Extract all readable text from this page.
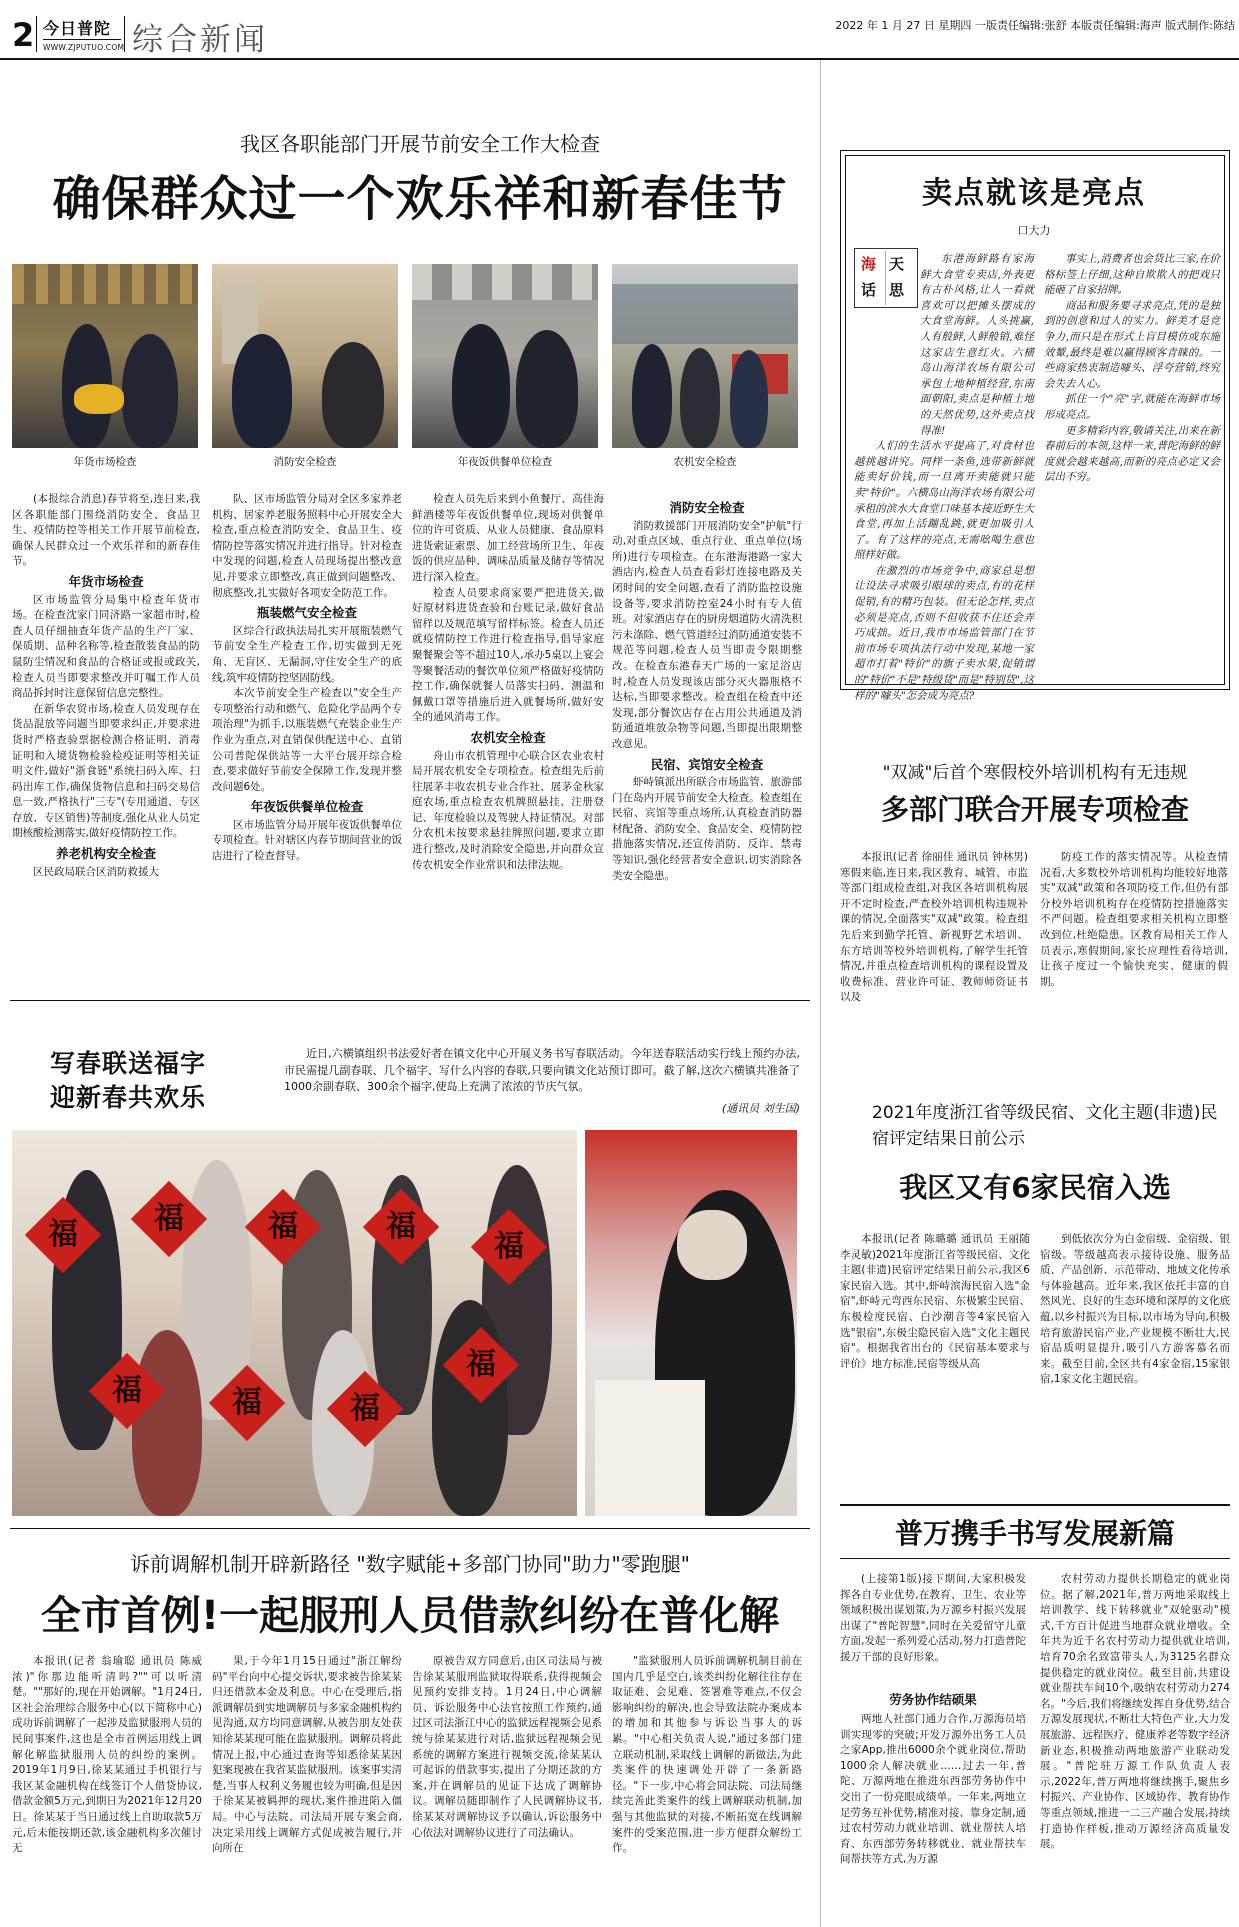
2 今日普陀
WWW.ZJPUTUO.COM 综合新闻	2022 年 1 月 27 日 星期四 一版责任编辑:张舒 本版责任编辑:海声 版式制作:陈结
我区各职能部门开展节前安全工作大检查
确保群众过一个欢乐祥和新春佳节
年货市场检查	消防安全检查	年夜饭供餐单位检查	农机安全检查

(本报综合消息)春节将至,连日来,我区各职能部门围绕消防安全、食品卫生、疫情防控等相关工作开展节前检查,确保人民群众过一个欢乐祥和的新春佳节。

年货市场检查

区市场监管分局集中检查年货市场。在检查沈家门同济路一家超市时,检查人员仔细抽查年货产品的生产厂家、保质期、品种名称等,检查散装食品的防鼠防尘情况和食品的合格证或报或政关,检查人员当即要求整改并叮嘱工作人员商品拆封时注意保留信息完整性。

在新华农贸市场,检查人员发现存在货品混放等问题当即要求纠正,并要求进货时严格查验票据检测合格证明、消毒证明和入境货物检验检疫证明等相关证明文件,做好"浙食链"系统扫码入库、扫码出库工作,确保货物信息和扫码交易信息一致,严格执行"三专"(专用通道、专区存放、专区销售)等制度,强化从业人员定期核酸检测落实,做好疫情防控工作。

养老机构安全检查

区民政局联合区消防救援大

队、区市场监管分局对全区多家养老机构、居家养老服务照料中心开展安全大检查,重点检查消防安全、食品卫生、疫情防控等落实情况并进行指导。针对检查中发现的问题,检查人员现场提出整改意见,并要求立即整改,真正做到问题整改、彻底整改,扎实做好各项安全防范工作。

瓶装燃气安全检查

区综合行政执法局扎实开展瓶装燃气节前安全生产检查工作,切实做到无死角、无盲区、无漏洞,守住安全生产的底线,筑牢疫情防控坚固防线。

本次节前安全生产检查以"安全生产专项整治行动和燃气、危险化学品两个专项治理"为抓手,以瓶装燃气充装企业生产作业为重点,对直销保供配送中心、直销公司普陀保供站等一大平台展开综合检查,要求做好节前安全保障工作,发现并整改问题6处。

年夜饭供餐单位检查

区市场监管分局开展年夜饭供餐单位专项检查。针对辖区内春节期间营业的饭店进行了检查督导。

检查人员先后来到小鱼餐厅、高佳海鲜酒楼等年夜饭供餐单位,现场对供餐单位的许可资质、从业人员健康、食品原料进货索证索票、加工经营场所卫生、年夜饭的供应品种、调味品质量及储存等情况进行深入检查。

检查人员要求商家要严把进货关,做好原材料进货查验和台账记录,做好食品留样以及规范填写留样标签。检查人员还就疫情防控工作进行检查指导,倡导家庭聚餐聚会等不超过10人,承办5桌以上宴会等聚餐活动的餐饮单位须严格做好疫情防控工作,确保就餐人员落实扫码、测温和佩戴口罩等措施后进入就餐场所,做好安全的通风消毒工作。

农机安全检查

舟山市农机管理中心联合区农业农村局开展农机安全专项检查。检查组先后前往展茅丰收农机专业合作社、展茅金秋家庭农场,重点检查农机牌照悬挂、注册登记、年度检验以及驾驶人持证情况。对部分农机未按要求悬挂牌照问题,要求立即进行整改,及时消除安全隐患,并向群众宣传农机安全作业常识和法律法规。

消防安全检查

消防救援部门开展消防安全"护航"行动,对重点区域、重点行业、重点单位(场所)进行专项检查。在东港海港路一家大酒店内,检查人员查看彩灯连接电路及关闭时间的安全问题,查看了消防监控设施设备等,要求消防控室24小时有专人值班。对家酒店存在的厨房烟道防火清洗积污未涤除、燃气管道经过消防通道安装不规范等问题,检查人员当即责令限期整改。在检查东港春天广场的一家足浴店时,检查人员发现该店部分灭火器瓶格不达标,当即要求整改。检查组在检查中还发现,部分餐饮店存在占用公共通道及消防通道堆放杂物等问题,当即提出限期整改意见。

民宿、宾馆安全检查

虾峙镇派出所联合市场监管、旅游部门在岛内开展节前安全大检查。检查组在民宿、宾馆等重点场所,认真检查消防器材配备、消防安全、食品安全、疫情防控措施落实情况,还宣传消防、反诈、禁毒等知识,强化经营者安全意识,切实消除各类安全隐患。

卖点就该是亮点
口大力
海 天
话 思

东港海鲜路有家海鲜大食堂专卖店,外表更有古朴风格,让人一看就喜欢可以把摊头摆成的大食堂海鲜。人头挑赢,人有般鲜,人鲜般销,难怪这家店生意红火。六横岛山海洋农场有限公司承包土地种植经营,东南面朝阳,卖点是种植土地的天然优势,这外卖点找得准!

人们的生活水平提高了,对食材也越挑越讲究。同样一条鱼,选带新鲜就能卖好价钱,而一旦离开卖能就只能卖"特价"。六横岛山海洋农场有限公司承租的滨水大食堂口味基本接近野生大食堂,再加上活蹦乱跳,就更加吸引人了。有了这样的亮点,无需吆喝生意也照样好做。

在激烈的市场竞争中,商家总是想让设法寻求吸引眼球的卖点,有的花样促销,有的精巧包装。但无论怎样,卖点必须是亮点,否则不但收获不住还会弄巧成拙。近日,我市市场监管部门在节前市场专项执法行动中发现,某地一家超市打着"特价"的旗子卖水果,促销谓的"特价"不是"特级货"而是"特别货",这样的"噱头"怎会成为亮点?

事实上,消费者也会货比三家,在价格标签上仔细,这种自欺欺人的把戏只能砸了自家招牌。

商品和服务要寻求亮点,凭的是独到的创意和过人的实力。鲜美才是竞争力,而只是在形式上盲目模仿或东施效颦,最终是难以赢得顾客青睐的。一些商家热衷制造噱头、浮夸营销,终究会失去人心。

抓住一个"亮"字,就能在海鲜市场形成亮点。

更多精彩内容,敬请关注,出来在新春前后的本领,这样一来,普陀海鲜的鲜度就会越来越高,而新的亮点必定又会层出不穷。

"双减"后首个寒假校外培训机构有无违规
多部门联合开展专项检查
本报讯(记者 徐丽佳 通讯员 钟林男)寒假来临,连日来,我区教育、城管、市监等部门组成检查组,对我区各培训机构展开不定时检查,严查校外培训机构违规补课的情况,全面落实"双减"政策。检查组先后来到勤学托管、新视野艺术培训、东方培训等校外培训机构,了解学生托管情况,并重点检查培训机构的课程设置及收费标准、营业许可证、教师师资证书以及
防疫工作的落实情况等。从检查情况看,大多数校外培训机构均能较好地落实"双减"政策和各项防疫工作,但仍有部分校外培训机构存在疫情防控措施落实不严问题。检查组要求相关机构立即整改到位,杜绝隐患。区教育局相关工作人员表示,寒假期间,家长应理性看待培训,让孩子度过一个愉快充实、健康的假期。
写春联送福字
迎新春共欢乐
近日,六横镇组织书法爱好者在镇文化中心开展义务书写春联活动。今年送春联活动实行线上预约办法,市民需提几副春联、几个福字、写什么内容的春联,只要向镇文化站预订即可。截了解,这次六横镇共准备了1000余副春联、300余个福字,使岛上充满了浓浓的节庆气氛。
(通讯员 刘生国)
福	福	福	福
福
福	福	福
福
2021年度浙江省等级民宿、文化主题(非遗)民宿评定结果日前公示
我区又有6家民宿入选
本报讯(记者 陈璐璐 通讯员 王丽随 李灵敏)2021年度浙江省等级民宿、文化主题(非遗)民宿评定结果日前公示,我区6家民宿入选。其中,虾峙滨海民宿入选"金宿",虾峙元弯西东民宿、东极繁尘民宿、东极检度民宿、白沙潮音等4家民宿入选"银宿",东极尘隐民宿入选"文化主题民宿"。根据我省出台的《民宿基本要求与评价》地方标准,民宿等级从高
到低依次分为白金宿级、金宿级、银宿级。等级越高表示接待设施、服务品质、产品创新、示范带动、地域文化传承与体验越高。近年来,我区依托丰富的自然风光、良好的生态环境和深厚的文化底蕴,以乡村振兴为目标,以市场为导向,积极培育旅游民宿产业,产业规模不断壮大,民宿品质明显提升,吸引八方游客慕名而来。截至目前,全区共有4家金宿,15家银宿,1家文化主题民宿。
诉前调解机制开辟新路径 "数字赋能+多部门协同"助力"零跑腿"
全市首例!一起服刑人员借款纠纷在普化解
本报讯(记者 翁瑜聪 通讯员 陈威浓)"你那边能听清吗?""可以听清楚。""那好的,现在开始调解。"1月24日,区社会治理综合服务中心(以下简称中心)成功诉前调解了一起涉及监狱服刑人员的民间事案件,这也是全市首例运用线上调解化解监狱服刑人员的纠纷的案例。2019年1月9日,徐某某通过手机银行与我区某金融机构在线签订个人借贷协议,借款金额5万元,到期日为2021年12月20日。徐某某于当日通过线上自助取款5万元,后未能按期还款,该金融机构多次催讨无
果,于今年1月15日通过"浙江解纷码"平台向中心提交诉状,要求被告徐某某归还借款本金及利息。中心在受理后,指派调解员到实地调解员与多家金融机构约见沟通,双方均同意调解,从被告朋友处获知徐某某现可能在监狱服刑。调解员将此情况上报,中心通过查询等知悉徐某某因犯案现被在我省某监狱服刑。该案事实清楚,当事人权利义务履也较为明确,但是因于徐某某被羁押的现状,案件推进陷入僵局。中心与法院、司法局开展专案会商,决定采用线上调解方式促成被告履行,并向所在
原被告双方同意后,由区司法局与被告徐某某服刑监狱取得联系,获得视频会见预约安排支持。1月24日,中心调解员、诉讼服务中心法官按照工作预约,通过区司法浙江中心的监狱远程视频会见系统与徐某某进行对话,监狱远程视频会见系统的调解方案进行视频交流,徐某某认可起诉的借款事实,提出了分期还款的方案,并在调解员的见证下达成了调解协议。调解员随即制作了人民调解协议书,徐某某对调解协议予以确认,诉讼服务中心依法对调解协议进行了司法确认。
"监狱服刑人员诉前调解机制目前在国内几乎是空白,该类纠纷化解往往存在取证难、会见难、签署难等难点,不仅会影响纠纷的解决,也会导致法院办案成本的增加和其他参与诉讼当事人的诉累。"中心相关负责人说,"通过多部门建立联动机制,采取线上调解的新做法,为此类案件的快速调处开辟了一条新路径。"下一步,中心将会同法院、司法局继续完善此类案件的线上调解联动机制,加强与其他监狱的对接,不断拓宽在线调解案件的受案范围,进一步方便群众解纷工作。
普万携手书写发展新篇
(上接第1版)接下期间,大家积极发挥各自专业优势,在教育、卫生、农业等领域积极出谋划策,为万源乡村振兴发展出谋了"普陀智慧",同时在关爱留守儿童方面,发起一系列爱心活动,努力打造普陀援万干部的良好形象。
劳务协作结硕果
两地人社部门通力合作,万源海员培训实现零的突破;开发万源外出务工人员之家App,推出6000余个就业岗位,帮助1000余人解决就业……过去一年,普陀、万源两地在推进东西部劳务协作中交出了一份亮眼成绩单。一年来,两地立足劳务互补优势,精准对接、靠身定制,通过农村劳动力就业培训、就业帮扶人培育、东西部劳务转移就业、就业帮扶车间帮扶等方式,为万源
农村劳动力提供长期稳定的就业岗位。据了解,2021年,普万两地采取线上培训教学、线下转移就业"双轮驱动"模式,千方百计促进当地群众就业增收。全年共为近千名农村劳动力提供就业培训,培育70余名致富带头人,为3125名群众提供稳定的就业岗位。截至目前,共建设就业帮扶车间10个,吸纳农村劳动力274名。"今后,我们将继续发挥自身优势,结合万源发展现状,不断壮大特色产业,大力发展旅游、远程医疗、健康养老等数字经济新业态,积极推动两地旅游产业联动发展。"普陀驻万源工作队负责人表示,2022年,普万两地将继续携手,聚焦乡村振兴、产业协作、区域协作、教育协作等重点领域,推进一二三产融合发展,持续打造协作样板,推动万源经济高质量发展。
